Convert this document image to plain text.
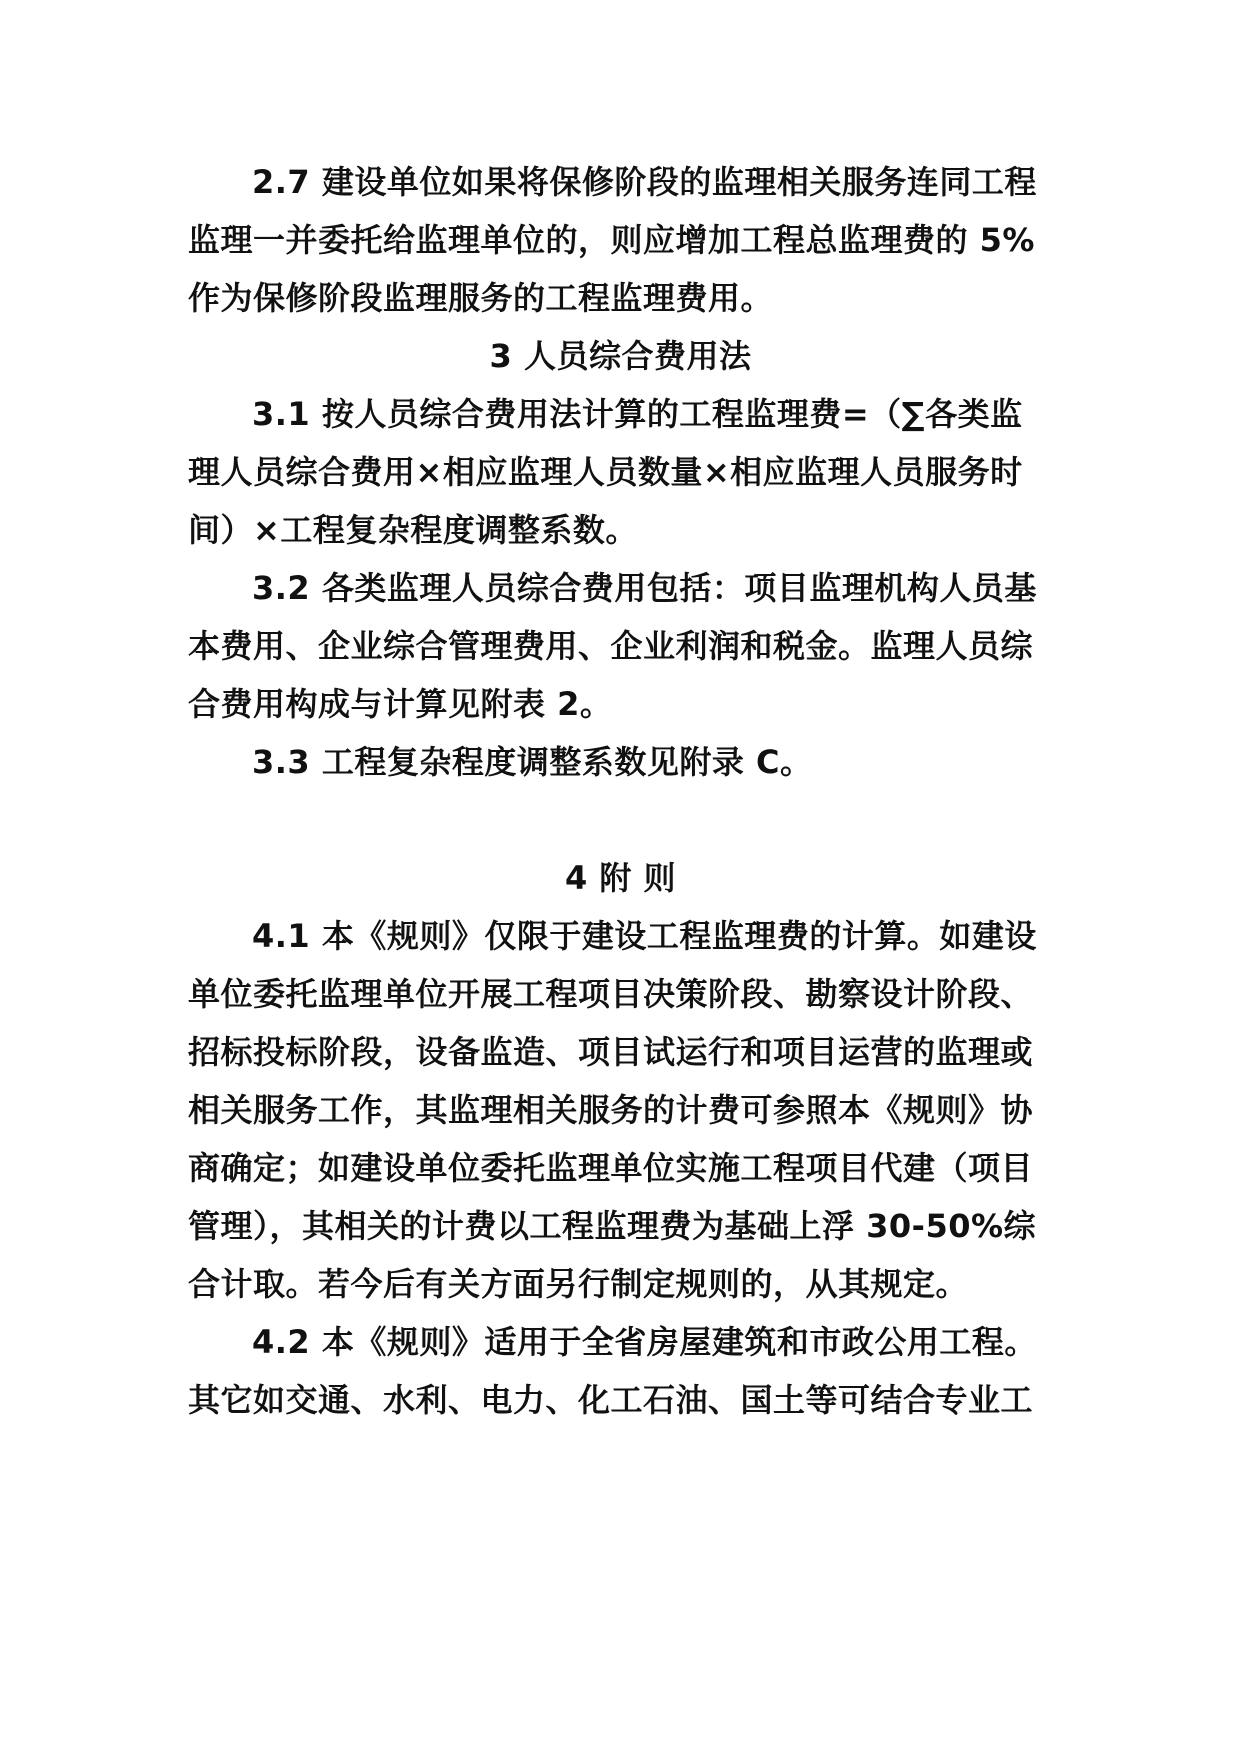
2.7 建设单位如果将保修阶段的监理相关服务连同工程
监理一并委托给监理单位的，则应增加工程总监理费的 5%
作为保修阶段监理服务的工程监理费用。
3 人员综合费用法
3.1 按人员综合费用法计算的工程监理费=（∑各类监
理人员综合费用×相应监理人员数量×相应监理人员服务时
间）×工程复杂程度调整系数。
3.2 各类监理人员综合费用包括：项目监理机构人员基
本费用、企业综合管理费用、企业利润和税金。监理人员综
合费用构成与计算见附表 2。
3.3 工程复杂程度调整系数见附录 C。
4 附 则
4.1 本《规则》仅限于建设工程监理费的计算。如建设
单位委托监理单位开展工程项目决策阶段、勘察设计阶段、
招标投标阶段，设备监造、项目试运行和项目运营的监理或
相关服务工作，其监理相关服务的计费可参照本《规则》协
商确定；如建设单位委托监理单位实施工程项目代建（项目
管理），其相关的计费以工程监理费为基础上浮 30-50%综
合计取。若今后有关方面另行制定规则的，从其规定。
4.2 本《规则》适用于全省房屋建筑和市政公用工程。
其它如交通、水利、电力、化工石油、国土等可结合专业工
